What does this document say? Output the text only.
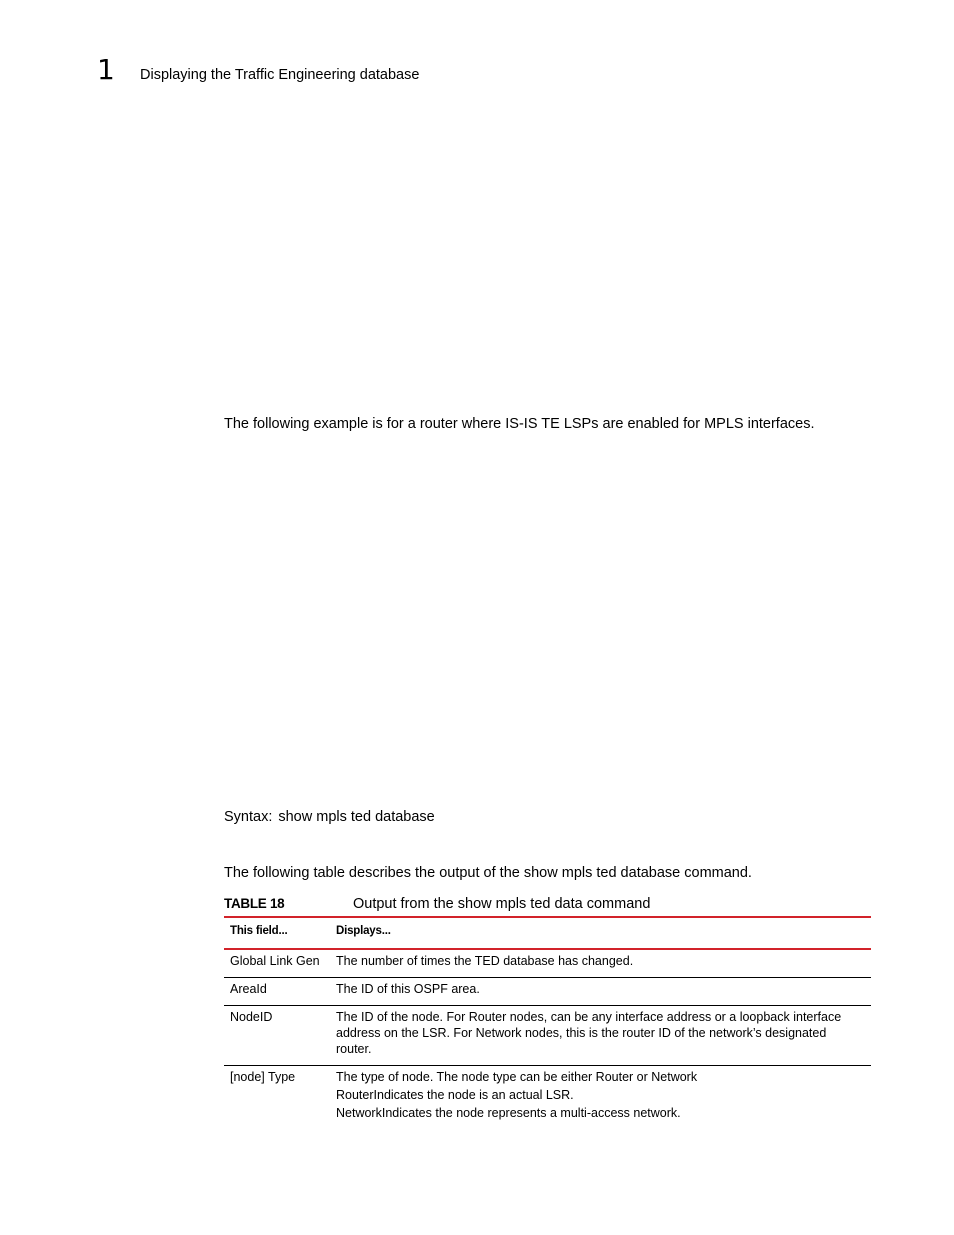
1 Displaying the Traffic Engineering database
The following example is for a router where IS-IS TE LSPs are enabled for MPLS interfaces.
Syntax: show mpls ted database
The following table describes the output of the show mpls ted database command.
TABLE 18	Output from the show mpls ted data command
This field...	Displays...
Global Link Gen	The number of times the TED database has changed.

AreaId	The ID of this OSPF area.

NodeID	The ID of the node. For Router nodes, can be any interface address or a loopback interface
address on the LSR. For Network nodes, this is the router ID of the network’s designated router.

[node] Type	The type of node. The node type can be either Router or Network
RouterIndicates the node is an actual LSR.
NetworkIndicates the node represents a multi-access network.
